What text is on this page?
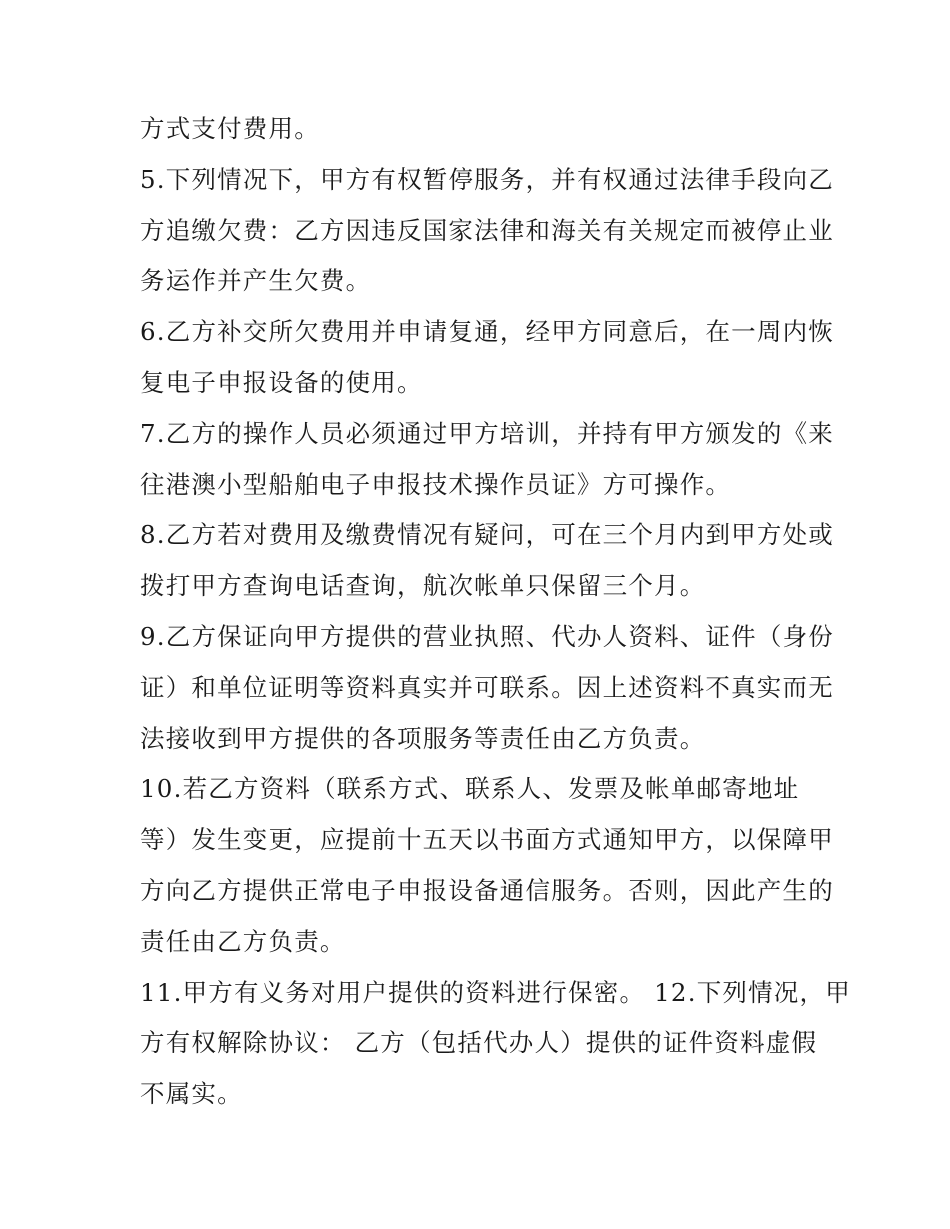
方式支付费用。
5.下列情况下，甲方有权暂停服务，并有权通过法律手段向乙
方追缴欠费：乙方因违反国家法律和海关有关规定而被停止业
务运作并产生欠费。
6.乙方补交所欠费用并申请复通，经甲方同意后，在一周内恢
复电子申报设备的使用。
7.乙方的操作人员必须通过甲方培训，并持有甲方颁发的《来
往港澳小型船舶电子申报技术操作员证》方可操作。
8.乙方若对费用及缴费情况有疑问，可在三个月内到甲方处或
拨打甲方查询电话查询，航次帐单只保留三个月。
9.乙方保证向甲方提供的营业执照、代办人资料、证件（身份
证）和单位证明等资料真实并可联系。因上述资料不真实而无
法接收到甲方提供的各项服务等责任由乙方负责。
10.若乙方资料（联系方式、联系人、发票及帐单邮寄地址
等）发生变更，应提前十五天以书面方式通知甲方，以保障甲
方向乙方提供正常电子申报设备通信服务。否则，因此产生的
责任由乙方负责。
11.甲方有义务对用户提供的资料进行保密。 12.下列情况，甲
方有权解除协议： 乙方（包括代办人）提供的证件资料虚假
不属实。
